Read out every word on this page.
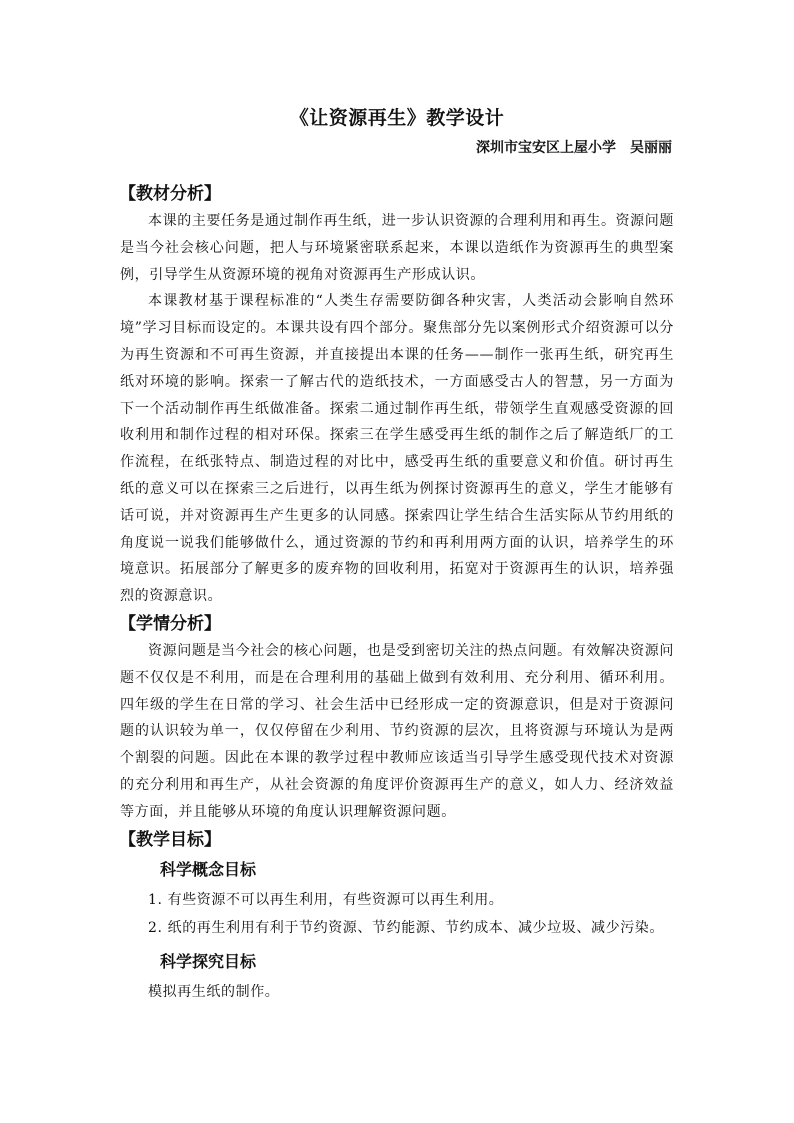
《让资源再生》教学设计
深圳市宝安区上屋小学 吴丽丽
【教材分析】

本课的主要任务是通过制作再生纸，进一步认识资源的合理利用和再生。资源问题是当今社会核心问题，把人与环境紧密联系起来，本课以造纸作为资源再生的典型案例，引导学生从资源环境的视角对资源再生产形成认识。

本课教材基于课程标准的“人类生存需要防御各种灾害，人类活动会影响自然环境”学习目标而设定的。本课共设有四个部分。聚焦部分先以案例形式介绍资源可以分为再生资源和不可再生资源，并直接提出本课的任务——制作一张再生纸，研究再生纸对环境的影响。探索一了解古代的造纸技术，一方面感受古人的智慧，另一方面为下一个活动制作再生纸做准备。探索二通过制作再生纸，带领学生直观感受资源的回收利用和制作过程的相对环保。探索三在学生感受再生纸的制作之后了解造纸厂的工作流程，在纸张特点、制造过程的对比中，感受再生纸的重要意义和价值。研讨再生纸的意义可以在探索三之后进行，以再生纸为例探讨资源再生的意义，学生才能够有话可说，并对资源再生产生更多的认同感。探索四让学生结合生活实际从节约用纸的角度说一说我们能够做什么，通过资源的节约和再利用两方面的认识，培养学生的环境意识。拓展部分了解更多的废弃物的回收利用，拓宽对于资源再生的认识，培养强烈的资源意识。

【学情分析】

资源问题是当今社会的核心问题，也是受到密切关注的热点问题。有效解决资源问题不仅仅是不利用，而是在合理利用的基础上做到有效利用、充分利用、循环利用。四年级的学生在日常的学习、社会生活中已经形成一定的资源意识，但是对于资源问题的认识较为单一，仅仅停留在少利用、节约资源的层次，且将资源与环境认为是两个割裂的问题。因此在本课的教学过程中教师应该适当引导学生感受现代技术对资源的充分利用和再生产，从社会资源的角度评价资源再生产的意义，如人力、经济效益等方面，并且能够从环境的角度认识理解资源问题。

【教学目标】
科学概念目标

1. 有些资源不可以再生利用，有些资源可以再生利用。

2. 纸的再生利用有利于节约资源、节约能源、节约成本、减少垃圾、减少污染。

科学探究目标

模拟再生纸的制作。
